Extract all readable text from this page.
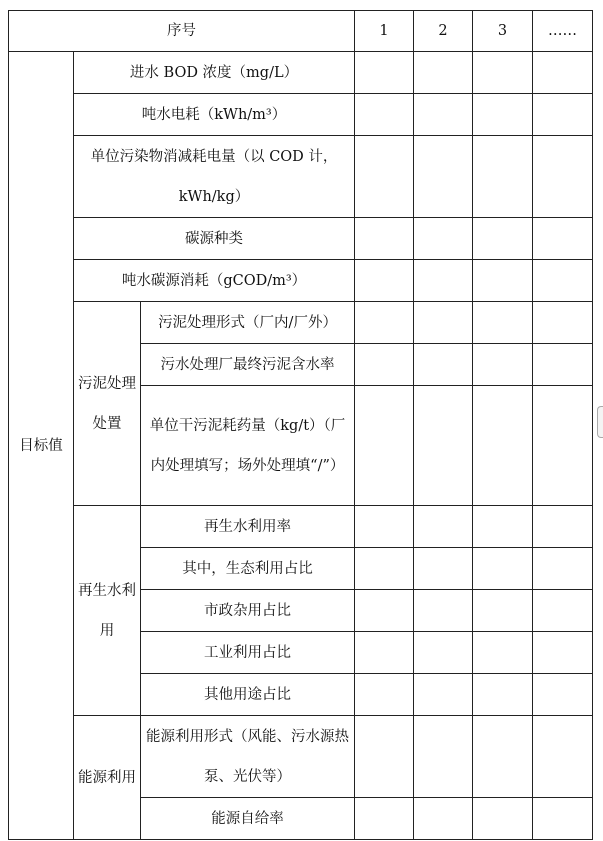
序号			1	2	3	……
目标值	进水 BOD 浓度（mg/L）					
	吨水电耗（kWh/m³）					
	单位污染物消减耗电量（以 COD 计，kWh/kg）					
	碳源种类					
	吨水碳源消耗（gCOD/m³）					
	污泥处理处置	污泥处理形式（厂内/厂外）				
		污水处理厂最终污泥含水率				
		单位干污泥耗药量（kg/t）（厂内处理填写；场外处理填“/”）				
	再生水利用	再生水利用率				
		其中，生态利用占比				
		市政杂用占比				
		工业利用占比				
		其他用途占比				
	能源利用	能源利用形式（风能、污水源热泵、光伏等）				
		能源自给率				
